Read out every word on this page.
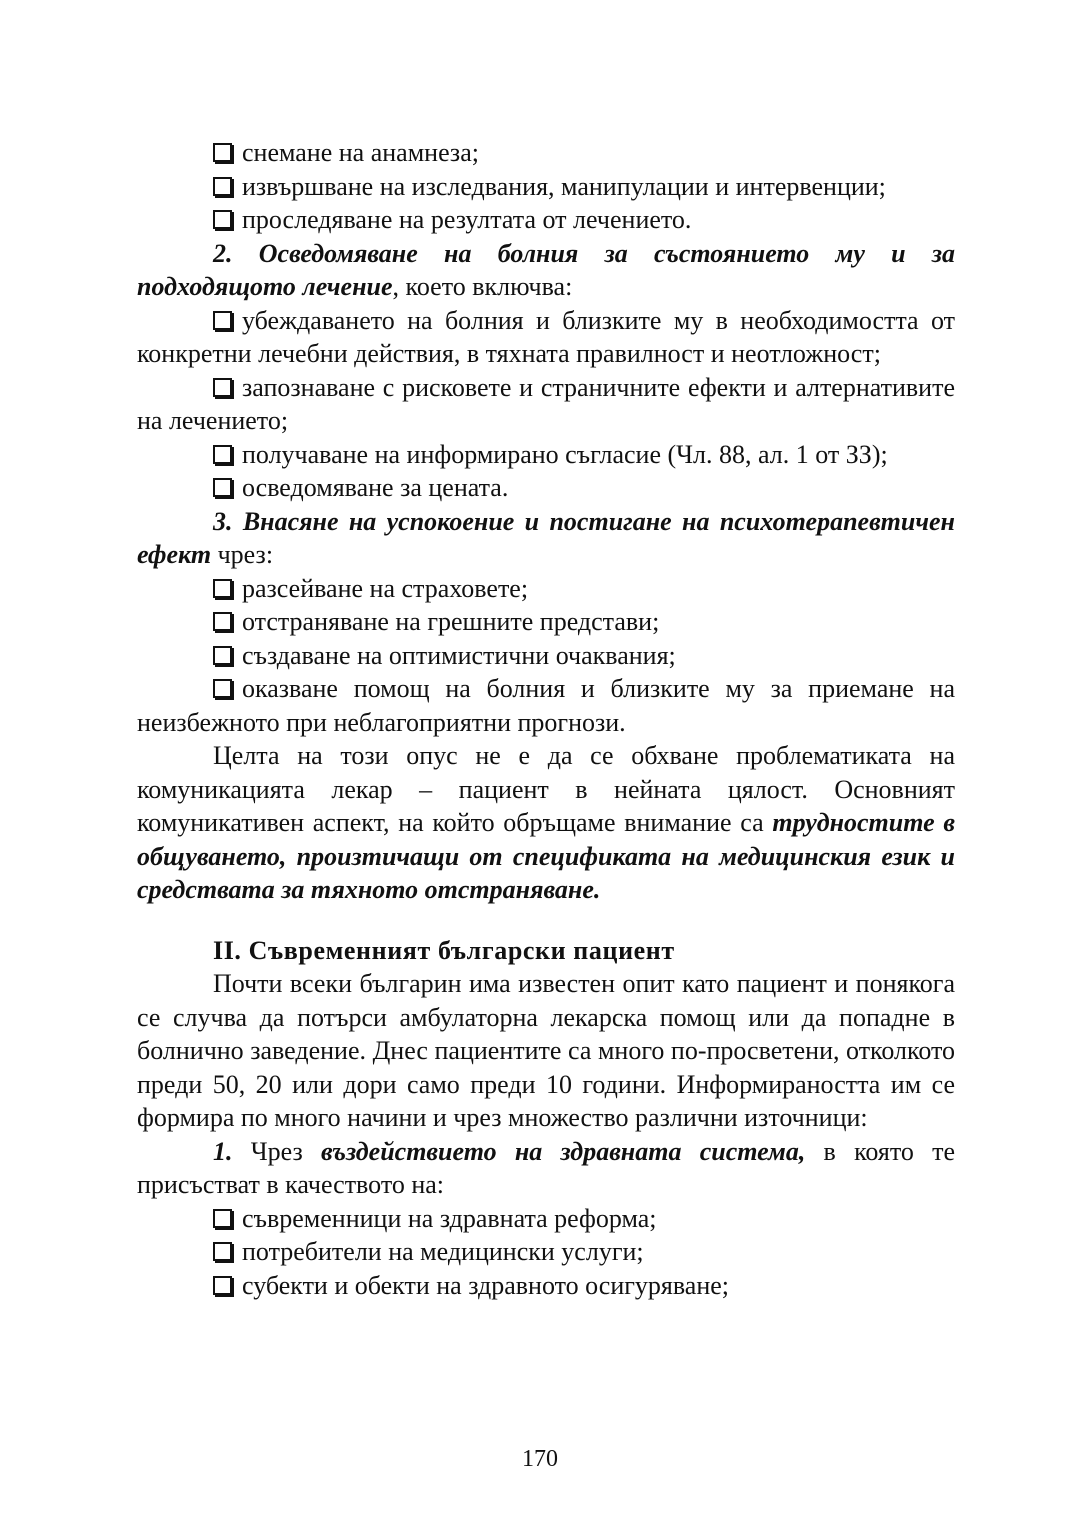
снемане на анамнеза;

извършване на изследвания, манипулации и интервенции;

проследяване на резултата от лечението.

2. Осведомяване на болния за състоянието му и за подходящото лечение, което включва:

убеждаването на болния и близките му в необходимостта от конкретни лечебни действия, в тяхната правилност и неотложност;

запознаване с рисковете и страничните ефекти и алтернативите на лечението;

получаване на информирано съгласие (Чл. 88, ал. 1 от ЗЗ);

осведомяване за цената.

3. Внасяне на успокоение и постигане на психотерапевтичен ефект чрез:

разсейване на страховете;

отстраняване на грешните представи;

създаване на оптимистични очаквания;

оказване помощ на болния и близките му за приемане на неизбежното при неблагоприятни прогнози.

Целта на този опус не е да се обхване проблематиката на комуникацията лекар – пациент в нейната цялост. Основният комуникативен аспект, на който обръщаме внимание са трудностите в общуването, произтичащи от спецификата на медицинския език и средствата за тяхното отстраняване.

II. Съвременният български пациент

Почти всеки българин има известен опит като пациент и понякога се случва да потърси амбулаторна лекарска помощ или да попадне в болнично заведение. Днес пациентите са много по-просветени, отколкото преди 50, 20 или дори само преди 10 години. Информираността им се формира по много начини и чрез множество различни източници:

1. Чрез въздействието на здравната система, в която те присъстват в качеството на:

съвременници на здравната реформа;

потребители на медицински услуги;

субекти и обекти на здравното осигуряване;

170
